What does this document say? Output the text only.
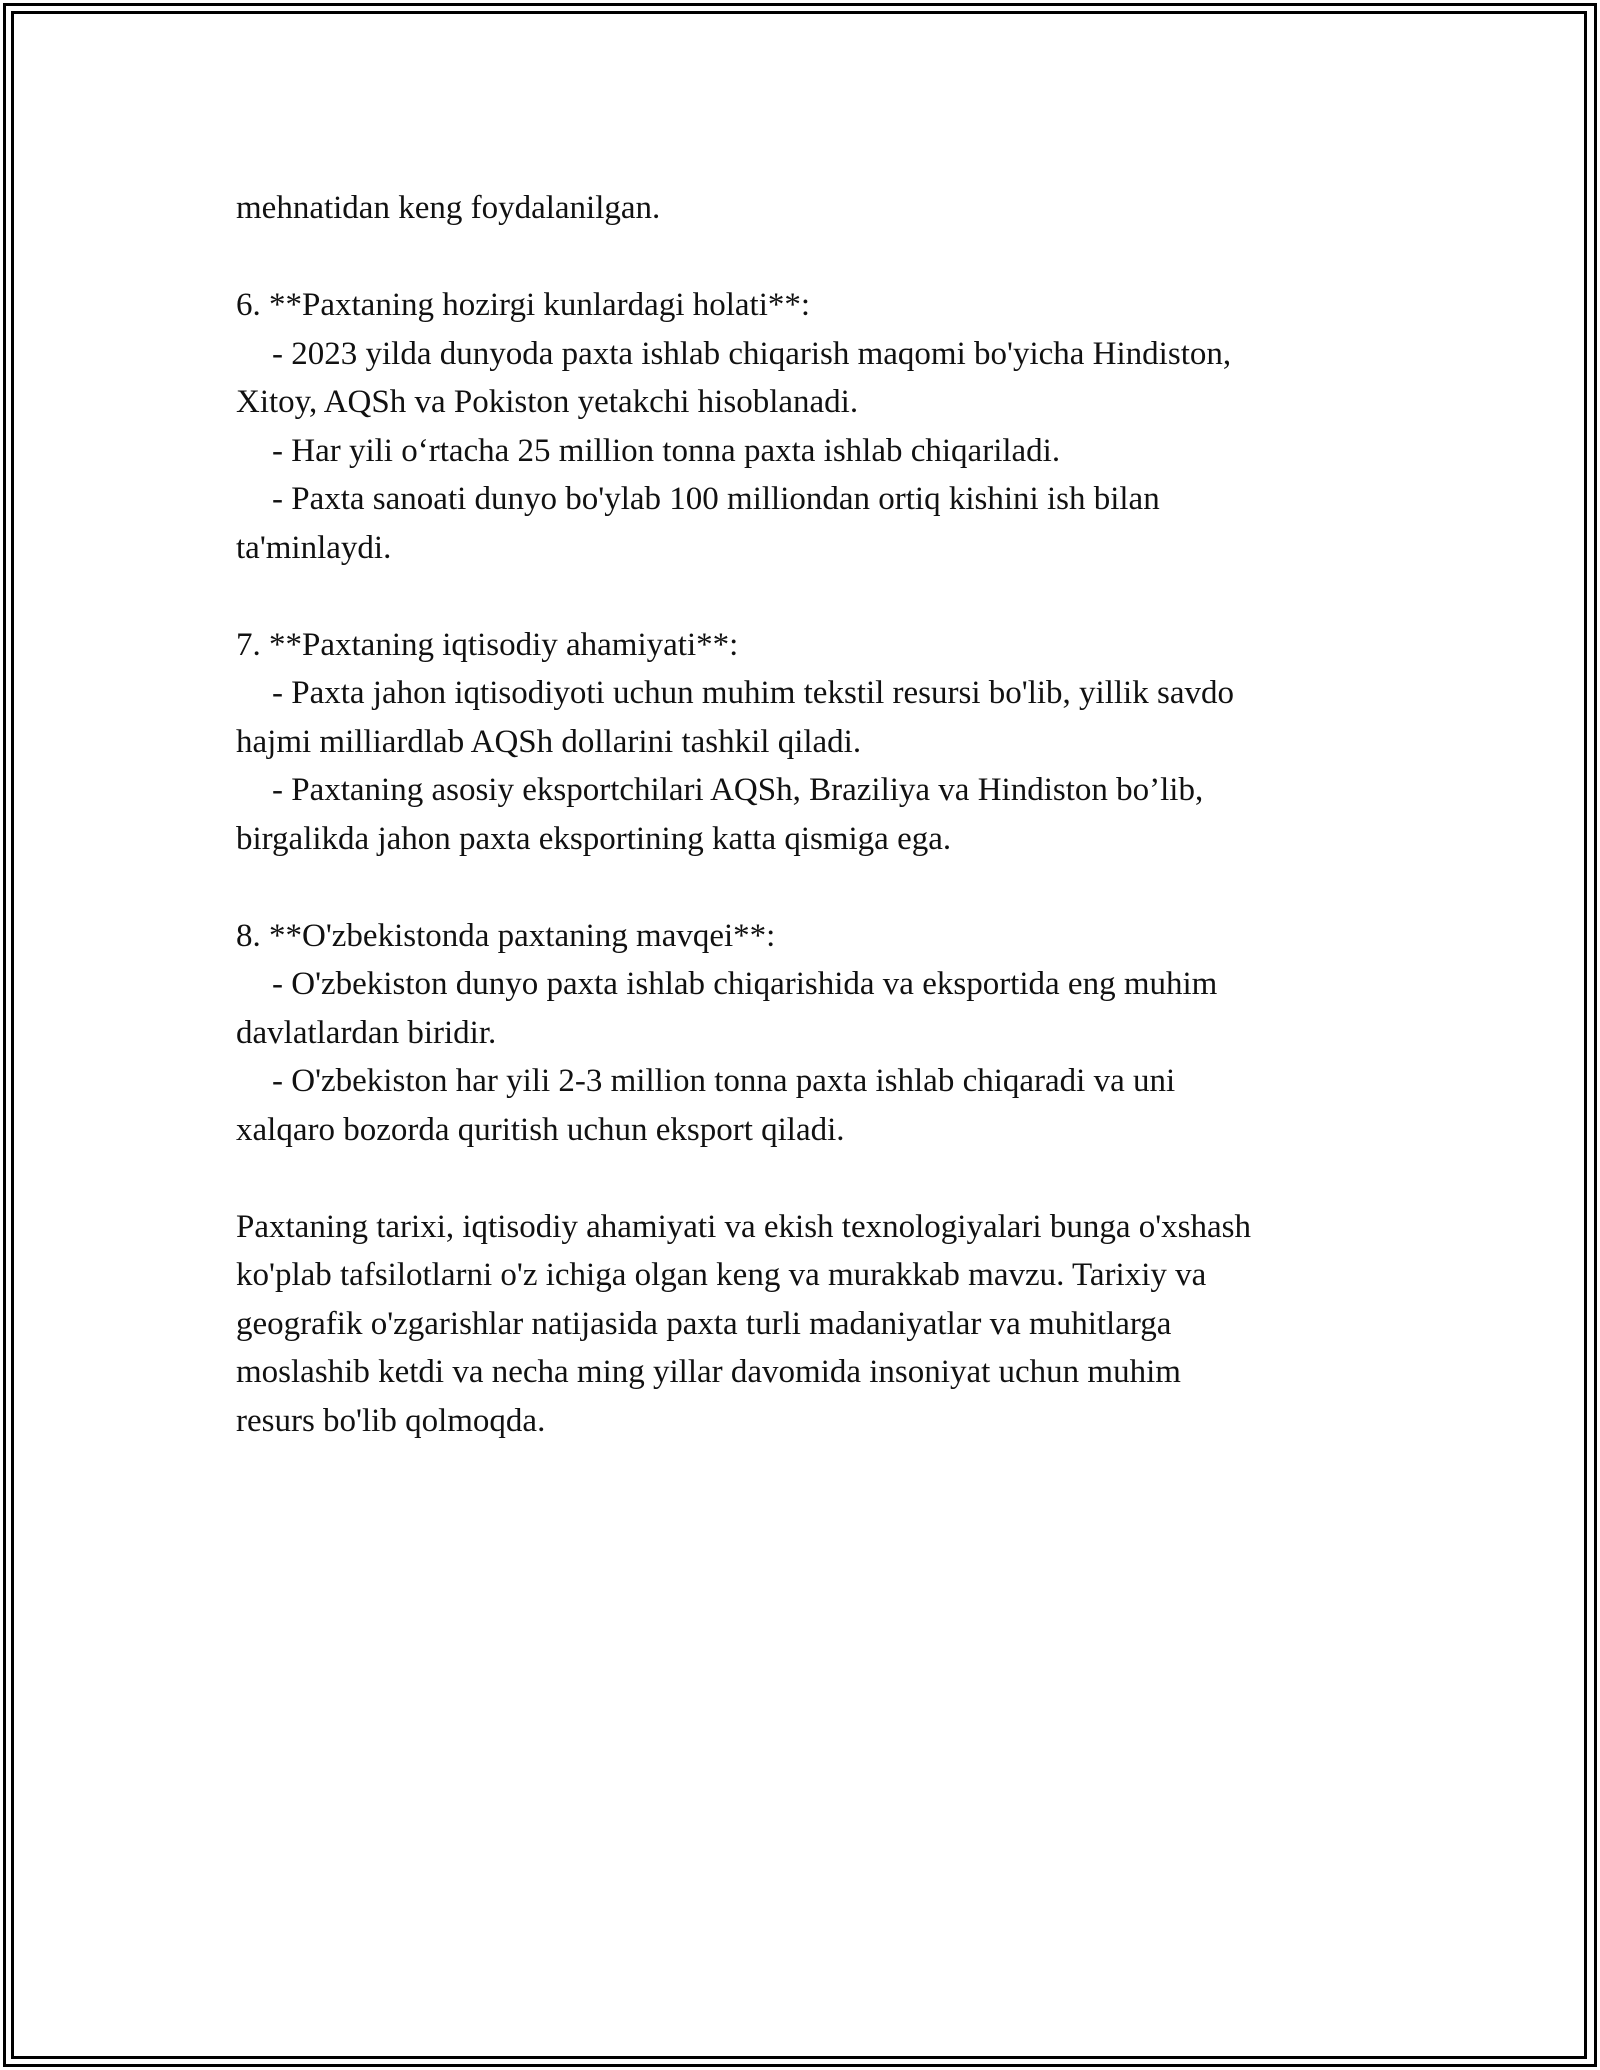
mehnatidan keng foydalanilgan.

6. **Paxtaning hozirgi kunlardagi holati**:

- 2023 yilda dunyoda paxta ishlab chiqarish maqomi bo'yicha Hindiston,

Xitoy, AQSh va Pokiston yetakchi hisoblanadi.

- Har yili o‘rtacha 25 million tonna paxta ishlab chiqariladi.

- Paxta sanoati dunyo bo'ylab 100 milliondan ortiq kishini ish bilan

ta'minlaydi.

7. **Paxtaning iqtisodiy ahamiyati**:

- Paxta jahon iqtisodiyoti uchun muhim tekstil resursi bo'lib, yillik savdo

hajmi milliardlab AQSh dollarini tashkil qiladi.

- Paxtaning asosiy eksportchilari AQSh, Braziliya va Hindiston bo’lib,

birgalikda jahon paxta eksportining katta qismiga ega.

8. **O'zbekistonda paxtaning mavqei**:

- O'zbekiston dunyo paxta ishlab chiqarishida va eksportida eng muhim

davlatlardan biridir.

- O'zbekiston har yili 2-3 million tonna paxta ishlab chiqaradi va uni

xalqaro bozorda quritish uchun eksport qiladi.

Paxtaning tarixi, iqtisodiy ahamiyati va ekish texnologiyalari bunga o'xshash

ko'plab tafsilotlarni o'z ichiga olgan keng va murakkab mavzu. Tarixiy va

geografik o'zgarishlar natijasida paxta turli madaniyatlar va muhitlarga

moslashib ketdi va necha ming yillar davomida insoniyat uchun muhim

resurs bo'lib qolmoqda.
